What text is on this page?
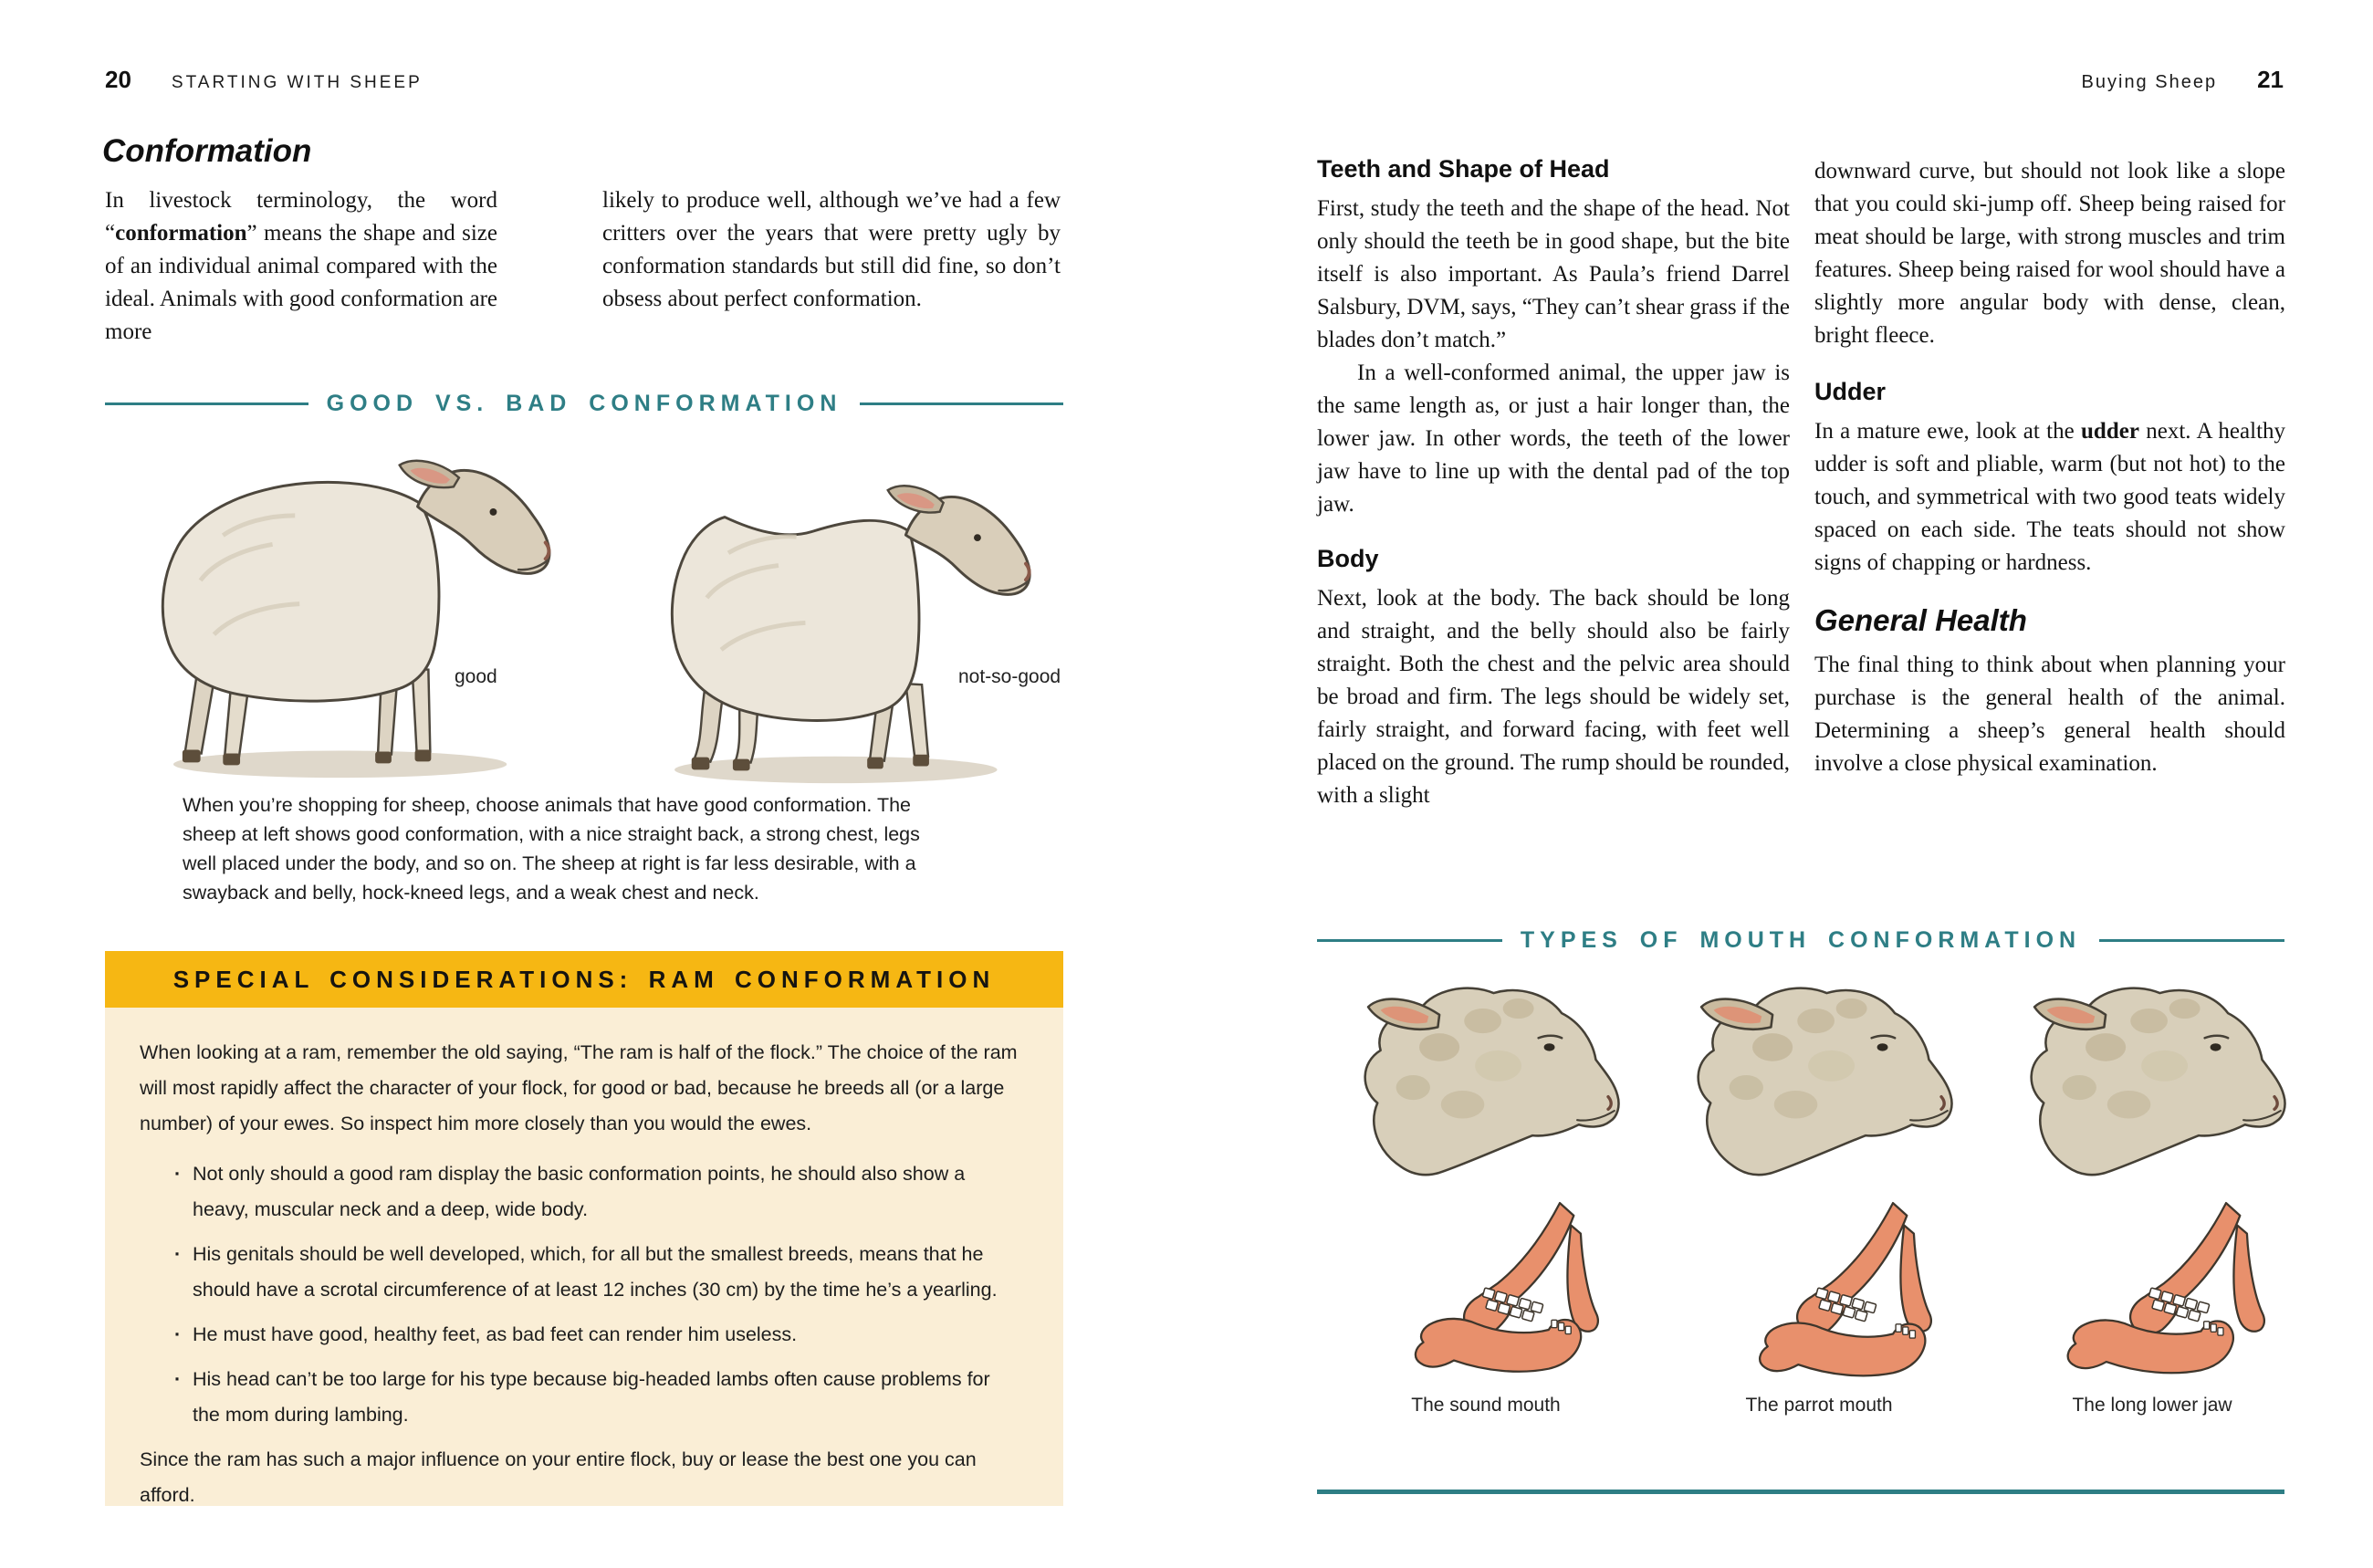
20 STARTING WITH SHEEP
Conformation
In livestock terminology, the word “conformation” means the shape and size of an individual animal compared with the ideal. Animals with good conformation are more
likely to produce well, although we’ve had a few critters over the years that were pretty ugly by conformation standards but still did fine, so don’t obsess about perfect conformation.
GOOD VS. BAD CONFORMATION
good	not-so-good
When you’re shopping for sheep, choose animals that have good conformation. The sheep at left shows good conformation, with a nice straight back, a strong chest, legs well placed under the body, and so on. The sheep at right is far less desirable, with a swayback and belly, hock-kneed legs, and a weak chest and neck.
SPECIAL CONSIDERATIONS: RAM CONFORMATION

When looking at a ram, remember the old saying, “The ram is half of the flock.” The choice of the ram will most rapidly affect the character of your flock, for good or bad, because he breeds all (or a large number) of your ewes. So inspect him more closely than you would the ewes.

· Not only should a good ram display the basic conformation points, he should also show a heavy, muscular neck and a deep, wide body.
· His genitals should be well developed, which, for all but the smallest breeds, means that he should have a scrotal circumference of at least 12 inches (30 cm) by the time he’s a yearling.
· He must have good, healthy feet, as bad feet can render him useless.
· His head can’t be too large for his type because big-headed lambs often cause problems for the mom during lambing.

Since the ram has such a major influence on your entire flock, buy or lease the best one you can afford.

Buying Sheep 21
Teeth and Shape of Head
First, study the teeth and the shape of the head. Not only should the teeth be in good shape, but the bite itself is also important. As Paula’s friend Darrel Salsbury, DVM, says, “They can’t shear grass if the blades don’t match.”
In a well-conformed animal, the upper jaw is the same length as, or just a hair longer than, the lower jaw. In other words, the teeth of the lower jaw have to line up with the dental pad of the top jaw.
Body
Next, look at the body. The back should be long and straight, and the belly should also be fairly straight. Both the chest and the pelvic area should be broad and firm. The legs should be widely set, fairly straight, and forward facing, with feet well placed on the ground. The rump should be rounded, with a slight
downward curve, but should not look like a slope that you could ski-jump off. Sheep being raised for meat should be large, with strong muscles and trim features. Sheep being raised for wool should have a slightly more angular body with dense, clean, bright fleece.
Udder
In a mature ewe, look at the udder next. A healthy udder is soft and pliable, warm (but not hot) to the touch, and symmetrical with two good teats widely spaced on each side. The teats should not show signs of chapping or hardness.
General Health
The final thing to think about when planning your purchase is the general health of the animal. Determining a sheep’s general health should involve a close physical examination.
TYPES OF MOUTH CONFORMATION
The sound mouth	The parrot mouth	The long lower jaw
